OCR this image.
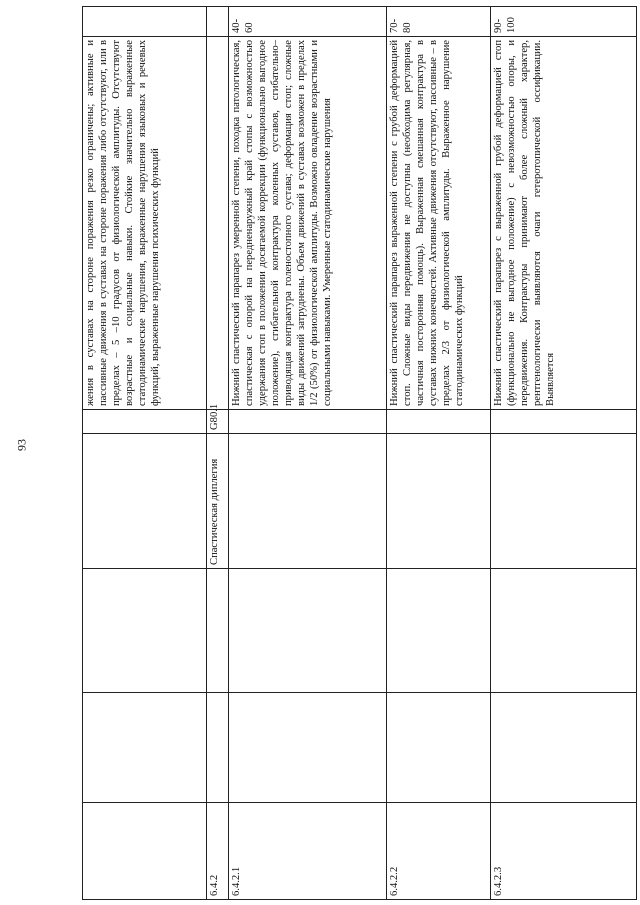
93
					жения в суставах на стороне поражения резко ограничены; активные и пассивные движения в суставах на стороне поражения либо отсутствуют, или в пределах – 5 –10 градусов от физиологической амплитуды. Отсутствуют возрастные и социальные навыки. Стойкие значительно выраженные статодинамические нарушения, выраженные нарушения языковых и речевых функций, выраженные нарушения психических функций	
6.4.2			Спастическая диплегия	G80.1		
6.4.2.1					Нижний спастический парапарез умеренной степени, походка патологическая, спастическая с опорой на передненаружный край стопы с возможностью удержания стоп в положении досягаемой коррекции (функционально выгодное положение), сгибательной контрактура коленных суставов, сгибательно–приводящая контрактура голеностопного сустава; деформация стоп; сложные виды движений затруднены. Объем движений в суставах возможен в пределах 1/2 (50%) от физиологической амплитуды. Возможно овладение возрастными и социальными навыками. Умеренные статодинамические нарушения	40-60
6.4.2.2					Нижний спастический парапарез выраженной степени с грубой деформацией стоп. Сложные виды передвижения не доступны (необходима регулярная, частичная посторонняя помощь). Выраженная смешанная контрактура в суставах нижних конечностей. Активные движения отсутствуют, пассивные – в пределах 2/3 от физиологической амплитуды. Выраженное нарушение статодинамических функций	70-80
6.4.2.3					Нижний спастический парапарез с выраженной грубой деформацией стоп (функционально не выгодное положение) с невозможностью опоры, и передвижения. Контрактуры принимают более сложный характер, рентгенологически выявляются очаги гетеротопической оссификации. Выявляется	90-100
